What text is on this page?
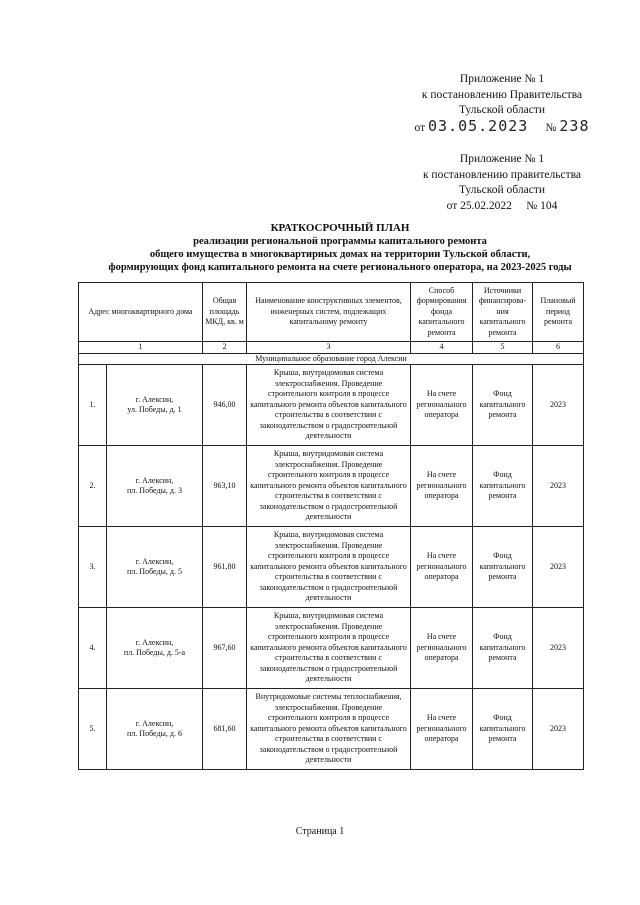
Приложение № 1
к постановлению Правительства
Тульской области
от 03.05.2023 № 238
Приложение № 1
к постановлению правительства
Тульской области
от 25.02.2022     № 104
КРАТКОСРОЧНЫЙ ПЛАН
реализации региональной программы капитального ремонта
общего имущества в многоквартирных домах на территории Тульской области,
формирующих фонд капитального ремонта на счете регионального оператора, на 2023-2025 годы
Адрес многоквартирного дома		Общая площадь МКД, кв. м	Наименование конструктивных элементов, инженерных систем, подлежащих капитальному ремонту	Способ формирования фонда капитального ремонта	Источники финансирова-ния капитального ремонта	Плановый период ремонта
1		2	3	4	5	6
Муниципальное образование город Алексин						
1.	г. Алексин,
ул. Победы, д. 1	946,00	Крыша, внутридомовая система электроснабжения. Проведение строительного контроля в процессе капитального ремонта объектов капитального строительства в соответствии с законодательством о градостроительной деятельности	На счете регионального оператора	Фонд капитального ремонта	2023
2.	г. Алексин,
пл. Победы, д. 3	963,10	Крыша, внутридомовая система электроснабжения. Проведение строительного контроля в процессе капитального ремонта объектов капитального строительства в соответствии с законодательством о градостроительной деятельности	На счете регионального оператора	Фонд капитального ремонта	2023
3.	г. Алексин,
пл. Победы, д. 5	961,80	Крыша, внутридомовая система электроснабжения. Проведение строительного контроля в процессе капитального ремонта объектов капитального строительства в соответствии с законодательством о градостроительной деятельности	На счете регионального оператора	Фонд капитального ремонта	2023
4.	г. Алексин,
пл. Победы, д. 5-а	967,60	Крыша, внутридомовая система электроснабжения. Проведение строительного контроля в процессе капитального ремонта объектов капитального строительства в соответствии с законодательством о градостроительной деятельности	На счете регионального оператора	Фонд капитального ремонта	2023
5.	г. Алексин,
пл. Победы, д. 6	681,60	Внутридомовые системы теплоснабжения, электроснабжения. Проведение строительного контроля в процессе капитального ремонта объектов капитального строительства в соответствии с законодательством о градостроительной деятельности	На счете регионального оператора	Фонд капитального ремонта	2023
Страница 1
